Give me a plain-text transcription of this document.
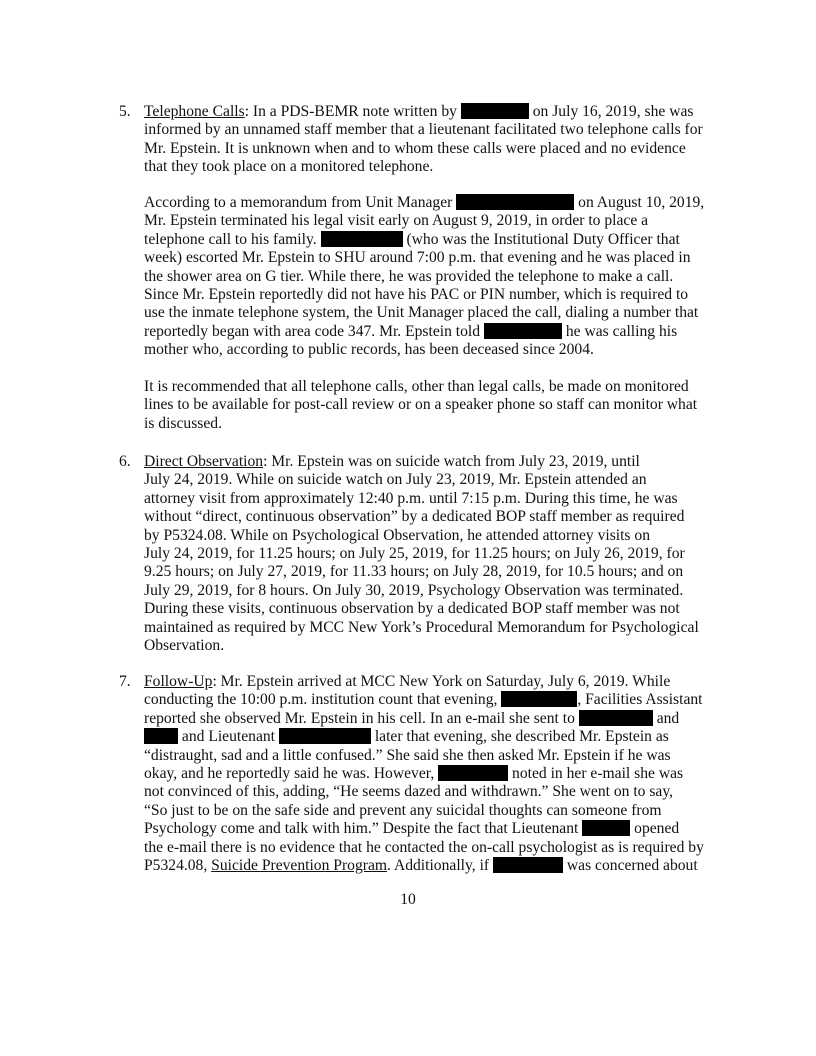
5. Telephone Calls: In a PDS-BEMR note written by	on July 16, 2019, she was
informed by an unnamed staff member that a lieutenant facilitated two telephone calls for
Mr. Epstein. It is unknown when and to whom these calls were placed and no evidence
that they took place on a monitored telephone.
According to a memorandum from Unit Manager	on August 10, 2019,
Mr. Epstein terminated his legal visit early on August 9, 2019, in order to place a
telephone call to his family.	(who was the Institutional Duty Officer that
week) escorted Mr. Epstein to SHU around 7:00 p.m. that evening and he was placed in
the shower area on G tier. While there, he was provided the telephone to make a call.
Since Mr. Epstein reportedly did not have his PAC or PIN number, which is required to
use the inmate telephone system, the Unit Manager placed the call, dialing a number that
reportedly began with area code 347. Mr. Epstein told	he was calling his
mother who, according to public records, has been deceased since 2004.
It is recommended that all telephone calls, other than legal calls, be made on monitored
lines to be available for post-call review or on a speaker phone so staff can monitor what
is discussed.
6. Direct Observation: Mr. Epstein was on suicide watch from July 23, 2019, until
July 24, 2019. While on suicide watch on July 23, 2019, Mr. Epstein attended an
attorney visit from approximately 12:40 p.m. until 7:15 p.m. During this time, he was
without “direct, continuous observation” by a dedicated BOP staff member as required
by P5324.08. While on Psychological Observation, he attended attorney visits on
July 24, 2019, for 11.25 hours; on July 25, 2019, for 11.25 hours; on July 26, 2019, for
9.25 hours; on July 27, 2019, for 11.33 hours; on July 28, 2019, for 10.5 hours; and on
July 29, 2019, for 8 hours. On July 30, 2019, Psychology Observation was terminated.
During these visits, continuous observation by a dedicated BOP staff member was not
maintained as required by MCC New York’s Procedural Memorandum for Psychological
Observation.
7. Follow-Up: Mr. Epstein arrived at MCC New York on Saturday, July 6, 2019. While
conducting the 10:00 p.m. institution count that evening,	, Facilities Assistant
reported she observed Mr. Epstein in his cell. In an e-mail she sent to	and
and Lieutenant	later that evening, she described Mr. Epstein as
“distraught, sad and a little confused.” She said she then asked Mr. Epstein if he was
okay, and he reportedly said he was. However,	noted in her e-mail she was
not convinced of this, adding, “He seems dazed and withdrawn.” She went on to say,
“So just to be on the safe side and prevent any suicidal thoughts can someone from
Psychology come and talk with him.” Despite the fact that Lieutenant	opened
the e-mail there is no evidence that he contacted the on-call psychologist as is required by
P5324.08, Suicide Prevention Program. Additionally, if	was concerned about
10
